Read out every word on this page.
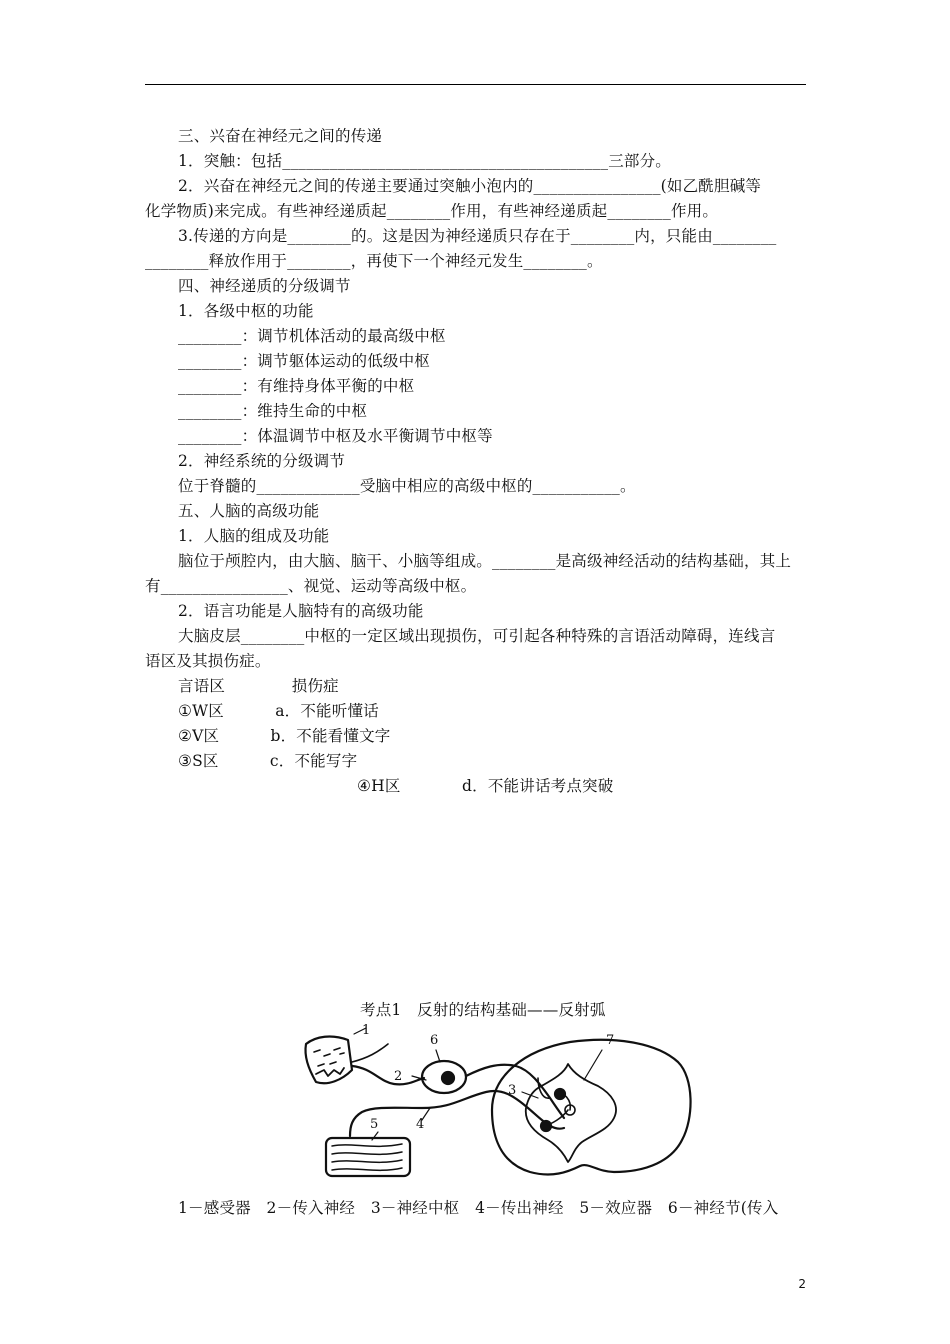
三、兴奋在神经元之间的传递
1．突触：包括_________________________________________三部分。
2．兴奋在神经元之间的传递主要通过突触小泡内的________________(如乙酰胆碱等
化学物质)来完成。有些神经递质起________作用，有些神经递质起________作用。
3.传递的方向是________的。这是因为神经递质只存在于________内，只能由________
________释放作用于________，再使下一个神经元发生________。
四、神经递质的分级调节
1．各级中枢的功能
________：调节机体活动的最高级中枢
________：调节躯体运动的低级中枢
________：有维持身体平衡的中枢
________：维持生命的中枢
________：体温调节中枢及水平衡调节中枢等
2．神经系统的分级调节
位于脊髓的_____________受脑中相应的高级中枢的___________。
五、人脑的高级功能
1．人脑的组成及功能
脑位于颅腔内，由大脑、脑干、小脑等组成。________是高级神经活动的结构基础，其上
有________________、视觉、运动等高级中枢。
2．语言功能是人脑特有的高级功能
大脑皮层________中枢的一定区域出现损伤，可引起各种特殊的言语活动障碍，连线言
语区及其损伤症。
言语区             损伤症
①W区          a．不能听懂话
②V区          b．不能看懂文字
③S区          c．不能写字
④H区            d．不能讲话考点突破
考点1　反射的结构基础——反射弧
1
2
3
4
5
6	7
1－感受器　2－传入神经　3－神经中枢　4－传出神经　5－效应器　6－神经节(传入
2
